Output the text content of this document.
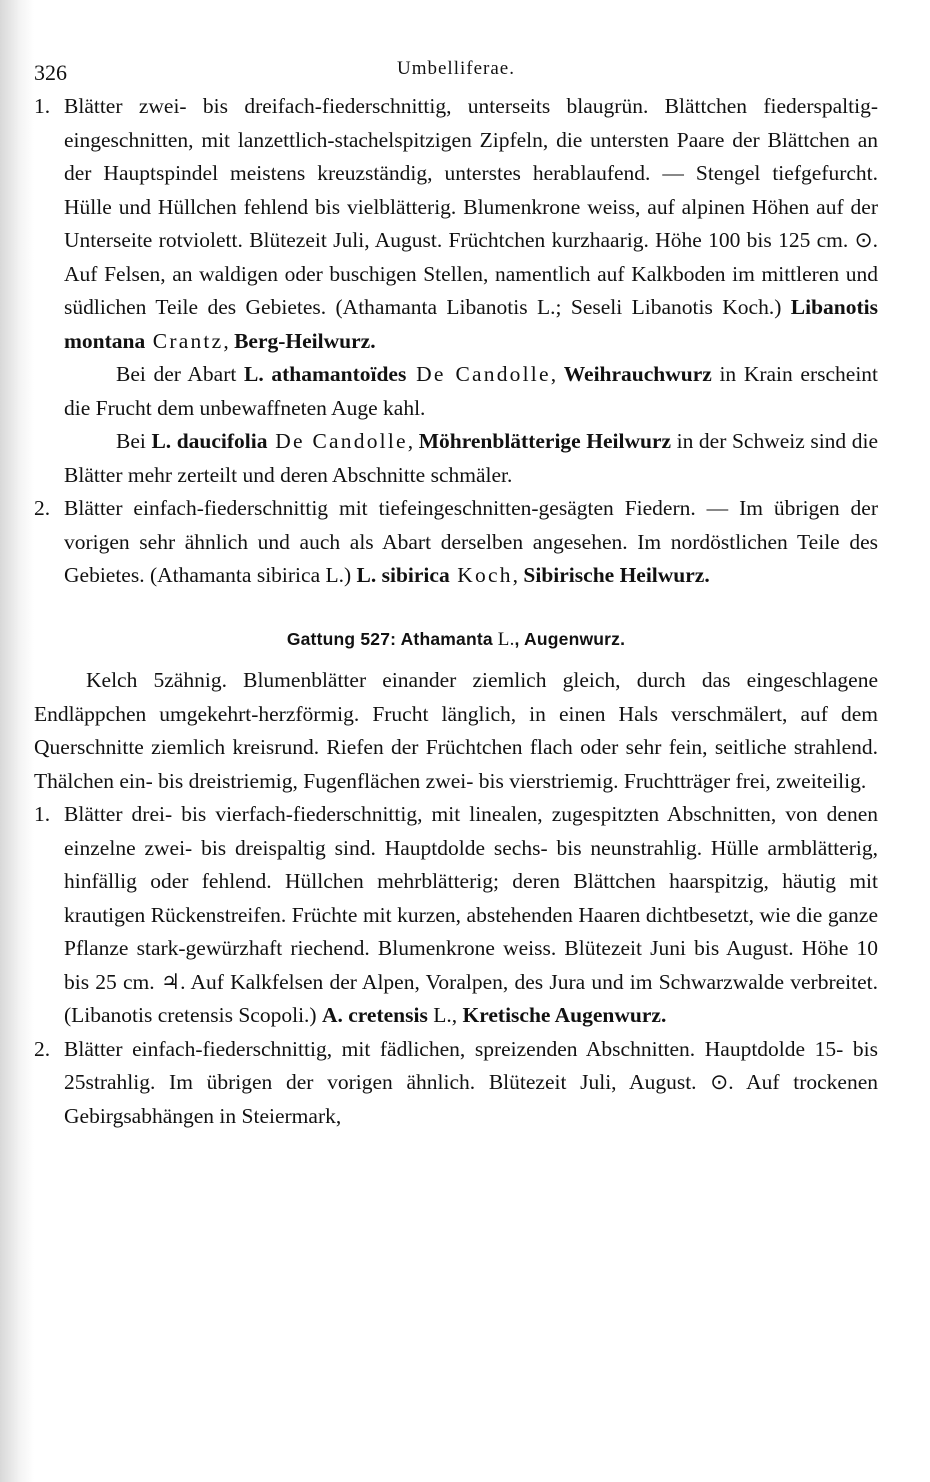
326	Umbelliferae.

1. Blätter zwei- bis dreifach-fiederschnittig, unterseits blaugrün. Blättchen fiederspaltig-eingeschnitten, mit lanzettlich-stachelspitzigen Zipfeln, die untersten Paare der Blättchen an der Hauptspindel meistens kreuzständig, unterstes herablaufend. — Stengel tiefgefurcht. Hülle und Hüllchen fehlend bis vielblätterig. Blumenkrone weiss, auf alpinen Höhen auf der Unterseite rotviolett. Blütezeit Juli, August. Früchtchen kurzhaarig. Höhe 100 bis 125 cm. ⊙. Auf Felsen, an waldigen oder buschigen Stellen, namentlich auf Kalkboden im mittleren und südlichen Teile des Gebietes. (Athamanta Libanotis L.; Seseli Libanotis Koch.) Libanotis montana Crantz, Berg-Heilwurz.

Bei der Abart L. athamantoïdes De Candolle, Weihrauchwurz in Krain erscheint die Frucht dem unbewaffneten Auge kahl.

Bei L. daucifolia De Candolle, Möhrenblätterige Heilwurz in der Schweiz sind die Blätter mehr zerteilt und deren Abschnitte schmäler.

2. Blätter einfach-fiederschnittig mit tiefeingeschnitten-gesägten Fiedern. — Im übrigen der vorigen sehr ähnlich und auch als Abart derselben angesehen. Im nordöstlichen Teile des Gebietes. (Athamanta sibirica L.) L. sibirica Koch, Sibirische Heilwurz.

Gattung 527: Athamanta L., Augenwurz.

Kelch 5zähnig. Blumenblätter einander ziemlich gleich, durch das eingeschlagene Endläppchen umgekehrt-herzförmig. Frucht länglich, in einen Hals verschmälert, auf dem Querschnitte ziemlich kreisrund. Riefen der Früchtchen flach oder sehr fein, seitliche strahlend. Thälchen ein- bis dreistriemig, Fugenflächen zwei- bis vierstriemig. Fruchtträger frei, zweiteilig.

1. Blätter drei- bis vierfach-fiederschnittig, mit linealen, zugespitzten Abschnitten, von denen einzelne zwei- bis dreispaltig sind. Hauptdolde sechs- bis neunstrahlig. Hülle armblätterig, hinfällig oder fehlend. Hüllchen mehrblätterig; deren Blättchen haarspitzig, häutig mit krautigen Rückenstreifen. Früchte mit kurzen, abstehenden Haaren dichtbesetzt, wie die ganze Pflanze stark-gewürzhaft riechend. Blumenkrone weiss. Blütezeit Juni bis August. Höhe 10 bis 25 cm. ♃. Auf Kalkfelsen der Alpen, Voralpen, des Jura und im Schwarzwalde verbreitet. (Libanotis cretensis Scopoli.) A. cretensis L., Kretische Augenwurz.

2. Blätter einfach-fiederschnittig, mit fädlichen, spreizenden Abschnitten. Hauptdolde 15- bis 25strahlig. Im übrigen der vorigen ähnlich. Blütezeit Juli, August. ⊙. Auf trockenen Gebirgsabhängen in Steiermark,
